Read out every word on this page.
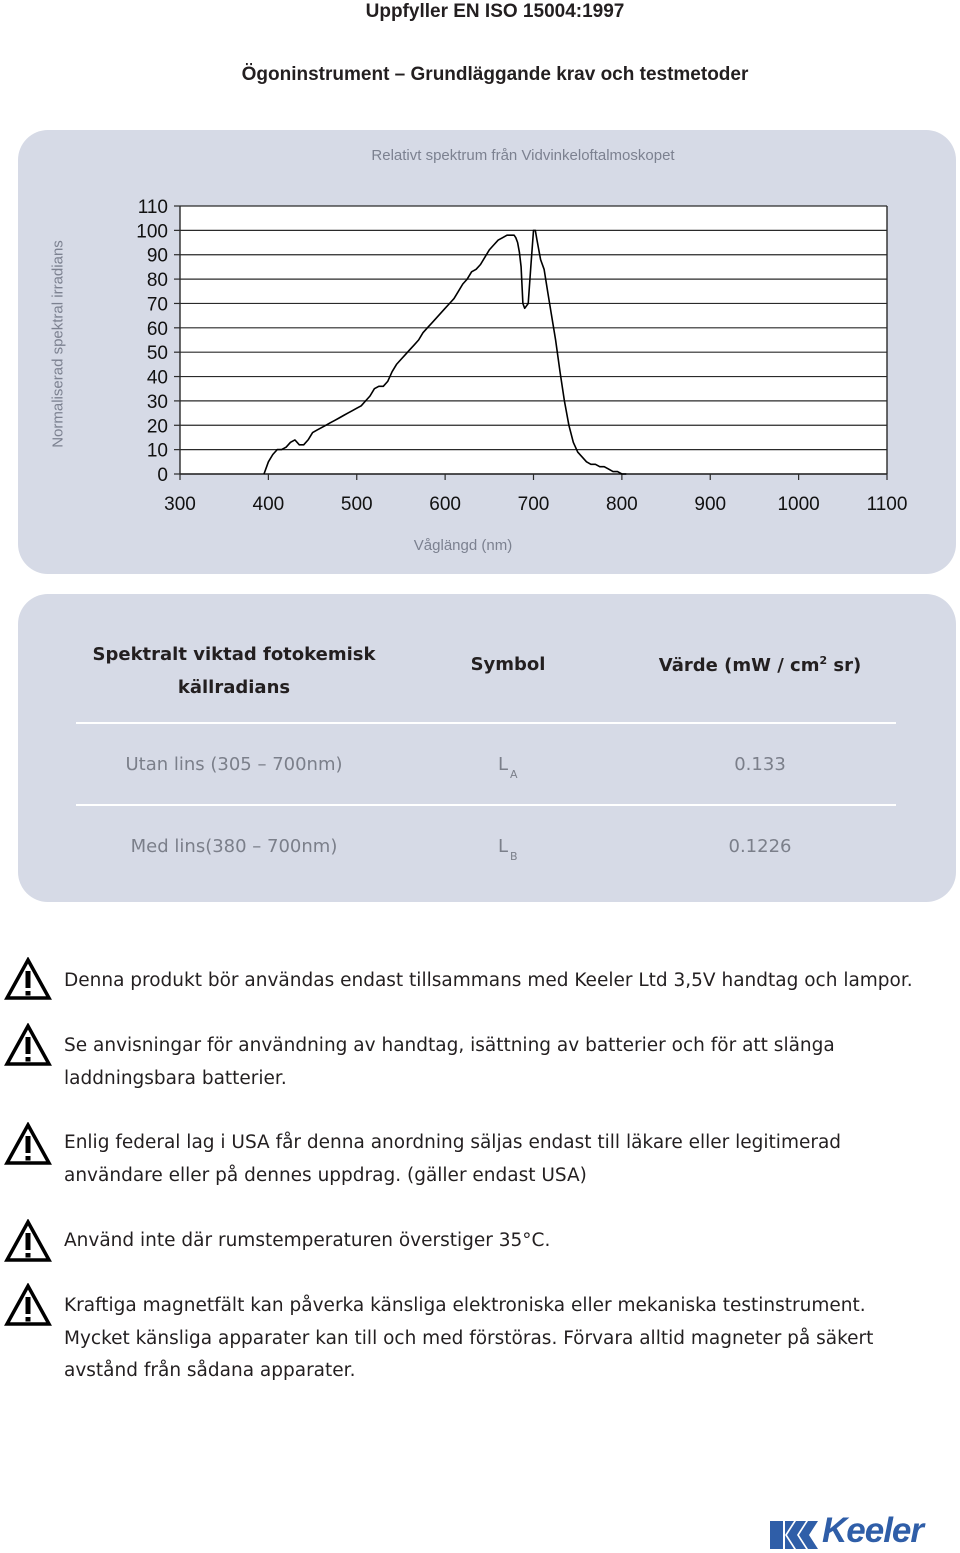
Uppfyller EN ISO 15004:1997
Ögoninstrument – Grundläggande krav och testmetoder
Relativt spektrum från Vidvinkeloftalmoskopet
Normaliserad spektral irradians
Våglängd (nm)
0
10
20
30
40
50
60
70
80
90
100
110
300	400	500	600	700	800	900	1000 1100
Spektralt viktad fotokemisk
källradians
Symbol	Värde ($mW / cm^2$ sr)
Utan lins (305 – 700nm)	L $_A$	0.133
Med lins(380 – 700nm)	L $_B$	0.1226
Denna produkt bör användas endast tillsammans med Keeler Ltd 3,5V handtag och lampor.
Se anvisningar för användning av handtag, isättning av batterier och för att slänga laddningsbara batterier.
Enlig federal lag i USA får denna anordning säljas endast till läkare eller legitimerad användare eller på dennes uppdrag. (gäller endast USA)
Använd inte där rumstemperaturen överstiger 35°C.
Kraftiga magnetfält kan påverka känsliga elektroniska eller mekaniska testinstrument. Mycket känsliga apparater kan till och med förstöras. Förvara alltid magneter på säkert avstånd från sådana apparater.
Keeler
